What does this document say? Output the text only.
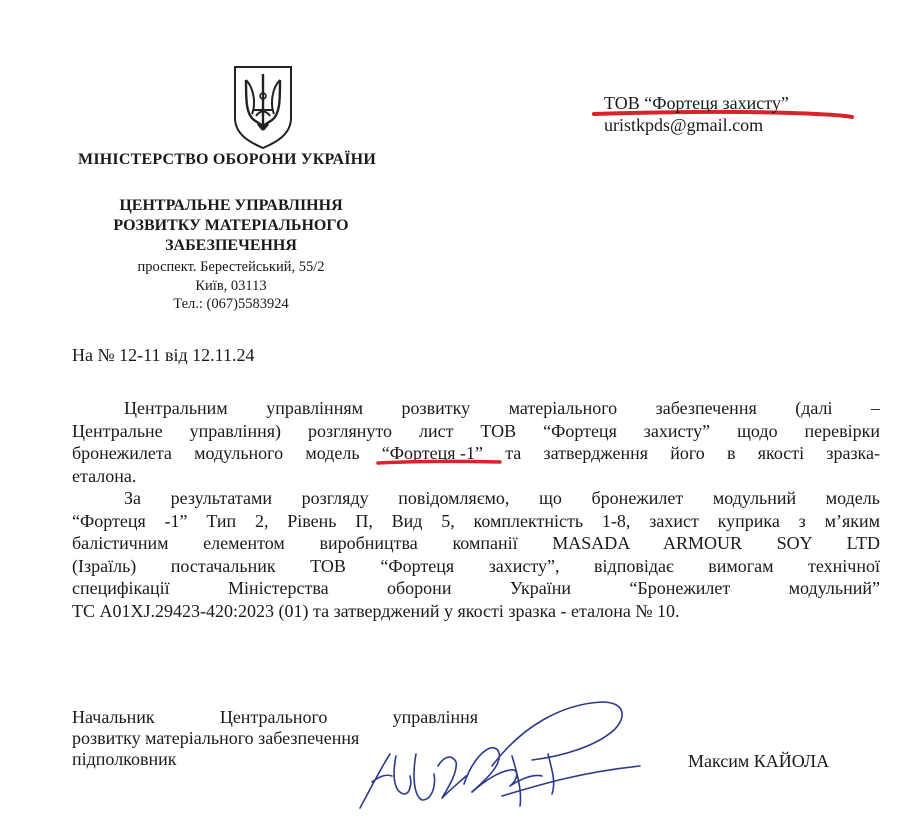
МІНІСТЕРСТВО ОБОРОНИ УКРАЇНИ
ЦЕНТРАЛЬНЕ УПРАВЛІННЯ
РОЗВИТКУ МАТЕРІАЛЬНОГО
ЗАБЕЗПЕЧЕННЯ
проспект. Берестейський, 55/2
Київ, 03113
Тел.: (067)5583924
ТОВ “Фортеця захисту”
uristkpds@gmail.com
На № 12-11 від 12.11.24
Центральним управлінням розвитку матеріального забезпечення (далі –
Центральне управління) розглянуто лист ТОВ “Фортеця захисту” щодо перевірки
бронежилета модульного модель “Фортеця -1” та затвердження його в якості зразка-
еталона.
За результатами розгляду повідомляємо, що бронежилет модульний модель
“Фортеця -1” Тип 2, Рівень П, Вид 5, комплектність 1-8, захист куприка з м’яким
балістичним елементом виробництва компанії MASADA ARMOUR SOY LTD
(Ізраїль) постачальник ТОВ “Фортеця захисту”, відповідає вимогам технічної
специфікації Міністерства оборони України “Бронежилет модульний”
ТС A01XJ.29423-420:2023 (01) та затверджений у якості зразка - еталона № 10.
Начальник Центрального управління
розвитку матеріального забезпечення
підполковник	Максим КАЙОЛА
